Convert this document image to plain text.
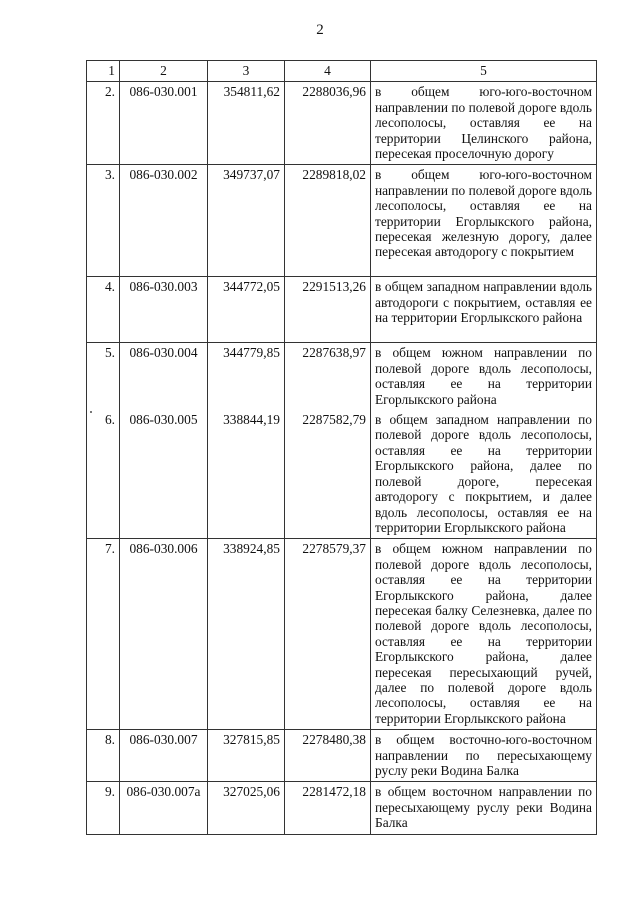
2
1	2	3	4	5
2.	086-030.001	354811,62	2288036,96	в общем юго-юго-восточном направлении по полевой дороге вдоль лесополосы, оставляя ее на территории Целинского района, пересекая проселочную дорогу
3.	086-030.002	349737,07	2289818,02	в общем юго-юго-восточном направлении по полевой дороге вдоль лесополосы, оставляя ее на территории Егорлыкского района, пересекая железную дорогу, далее пересекая автодорогу с покрытием
4.	086-030.003	344772,05	2291513,26	в общем западном направлении вдоль автодороги с покрытием, оставляя ее на территории Егорлыкского района
5.	086-030.004	344779,85	2287638,97	в общем южном направлении по полевой дороге вдоль лесополосы, оставляя ее на территории Егорлыкского района
6.	086-030.005	338844,19	2287582,79	в общем западном направлении по полевой дороге вдоль лесополосы, оставляя ее на территории Егорлыкского района, далее по полевой дороге, пересекая автодорогу с покрытием, и далее вдоль лесополосы, оставляя ее на территории Егорлыкского района
7.	086-030.006	338924,85	2278579,37	в общем южном направлении по полевой дороге вдоль лесополосы, оставляя ее на территории Егорлыкского района, далее пересекая балку Селезневка, далее по полевой дороге вдоль лесополосы, оставляя ее на территории Егорлыкского района, далее пересекая пересыхающий ручей, далее по полевой дороге вдоль лесополосы, оставляя ее на территории Егорлыкского района
8.	086-030.007	327815,85	2278480,38	в общем восточно-юго-восточном направлении по пересыхающему руслу реки Водина Балка
9.	086-030.007а	327025,06	2281472,18	в общем восточном направлении по пересыхающему руслу реки Водина Балка
